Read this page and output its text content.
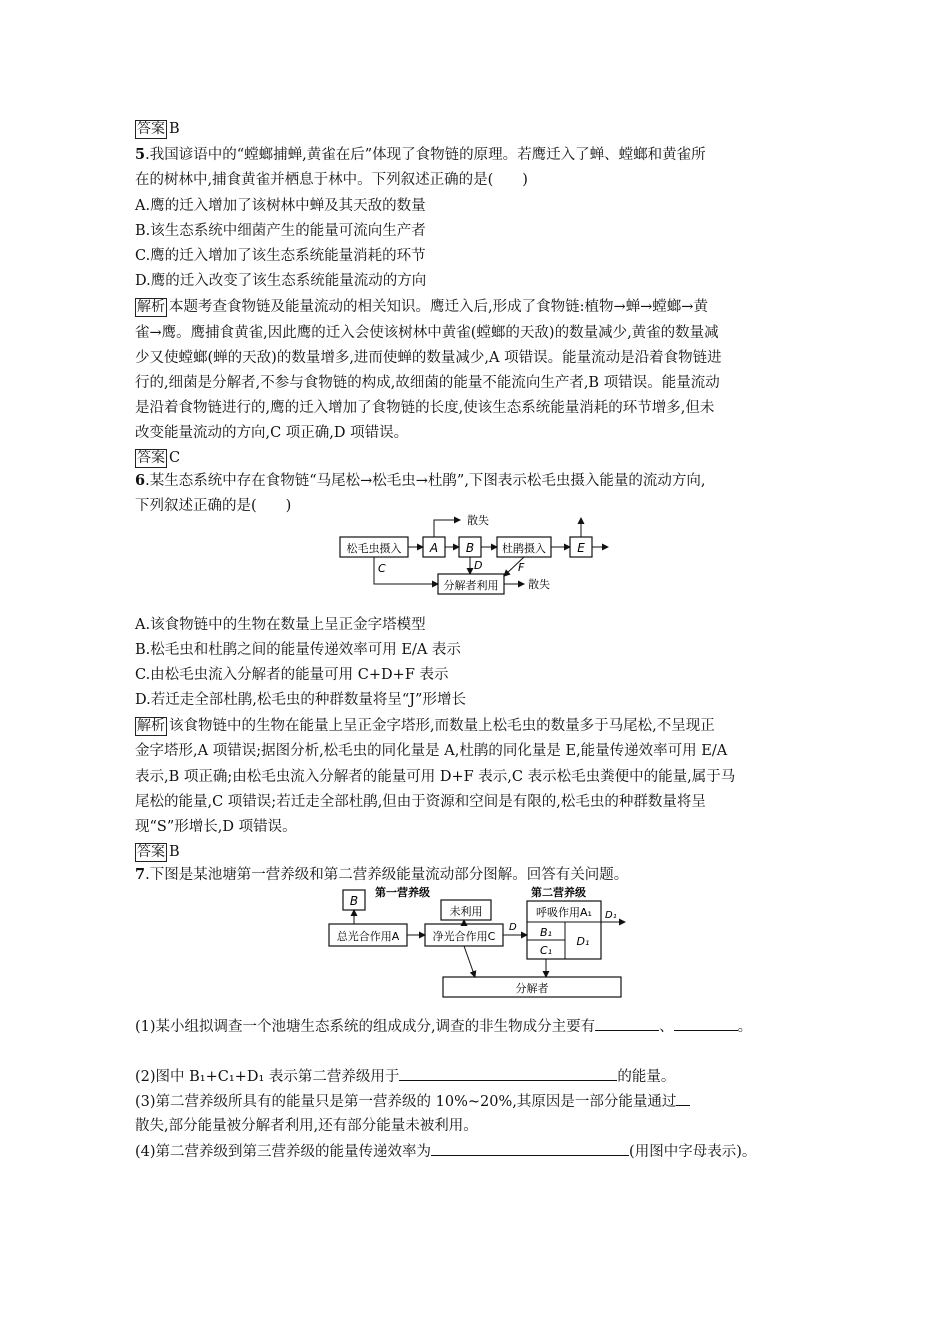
答案 B
5.我国谚语中的“螳螂捕蝉,黄雀在后”体现了食物链的原理。若鹰迁入了蝉、螳螂和黄雀所
在的树林中,捕食黄雀并栖息于林中。下列叙述正确的是(　　)
A.鹰的迁入增加了该树林中蝉及其天敌的数量
B.该生态系统中细菌产生的能量可流向生产者
C.鹰的迁入增加了该生态系统能量消耗的环节
D.鹰的迁入改变了该生态系统能量流动的方向
解析 本题考查食物链及能量流动的相关知识。鹰迁入后,形成了食物链:植物→蝉→螳螂→黄
雀→鹰。鹰捕食黄雀,因此鹰的迁入会使该树林中黄雀(螳螂的天敌)的数量减少,黄雀的数量减
少又使螳螂(蝉的天敌)的数量增多,进而使蝉的数量减少,A 项错误。能量流动是沿着食物链进
行的,细菌是分解者,不参与食物链的构成,故细菌的能量不能流向生产者,B 项错误。能量流动
是沿着食物链进行的,鹰的迁入增加了食物链的长度,使该生态系统能量消耗的环节增多,但未
改变能量流动的方向,C 项正确,D 项错误。
答案 C
6.某生态系统中存在食物链“马尾松→松毛虫→杜鹃”,下图表示松毛虫摄入能量的流动方向,
下列叙述正确的是(　　)
松毛虫摄入 A B	杜鹃摄入	E
分解者利用
散失
C	D	F
散失
A.该食物链中的生物在数量上呈正金字塔模型
B.松毛虫和杜鹃之间的能量传递效率可用 E/A 表示
C.由松毛虫流入分解者的能量可用 C+D+F 表示
D.若迁走全部杜鹃,松毛虫的种群数量将呈“J”形增长
解析 该食物链中的生物在能量上呈正金字塔形,而数量上松毛虫的数量多于马尾松,不呈现正
金字塔形,A 项错误;据图分析,松毛虫的同化量是 A,杜鹃的同化量是 E,能量传递效率可用 E/A
表示,B 项正确;由松毛虫流入分解者的能量可用 D+F 表示,C 表示松毛虫粪便中的能量,属于马
尾松的能量,C 项错误;若迁走全部杜鹃,但由于资源和空间是有限的,松毛虫的种群数量将呈
现“S”形增长,D 项错误。
答案 B
7.下图是某池塘第一营养级和第二营养级能量流动部分图解。回答有关问题。
第一营养级	第二营养级
B
未利用
总光合作用A	净光合作用C
呼吸作用A₁
B₁
C₁
D₁
分解者
D
D₁
(1)某小组拟调查一个池塘生态系统的组成成分,调查的非生物成分主要有	、	。
(2)图中 B₁+C₁+D₁ 表示第二营养级用于	的能量。
(3)第二营养级所具有的能量只是第一营养级的 10%~20%,其原因是一部分能量通过
散失,部分能量被分解者利用,还有部分能量未被利用。
(4)第二营养级到第三营养级的能量传递效率为	(用图中字母表示)。
